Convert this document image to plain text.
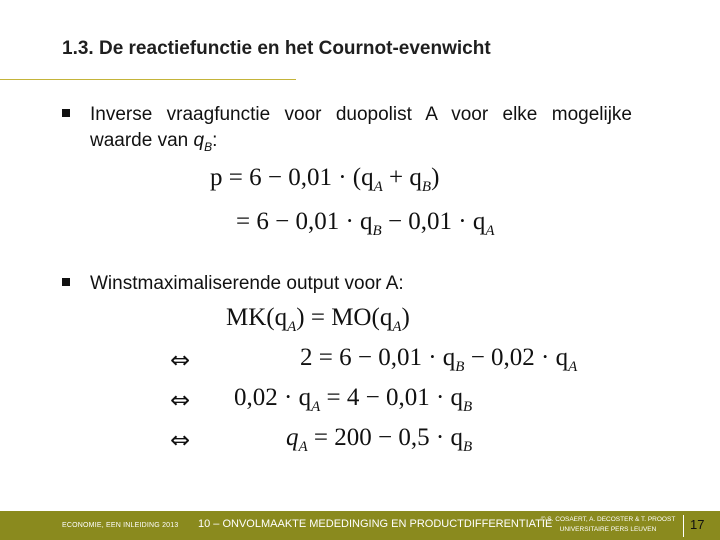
1.3. De reactiefunctie en het Cournot-evenwicht
Inverse vraagfunctie voor duopolist A voor elke mogelijke waarde van $q_B$:
$p = 6 - 0,01 \cdot (q_A + q_B)$
= $6 - 0,01 \cdot q_B - 0,01 \cdot q_A$
Winstmaximaliserende output voor A:
$MK(q_A) = MO(q_A)$
⇔	$2 = 6 - 0,01 \cdot q_B - 0,02 \cdot q_A$
⇔ $0,02 \cdot q_A = 4 - 0,01 \cdot q_B$
⇔	$q_A = 200 - 0,5 \cdot q_B$
ECONOMIE, EEN INLEIDING 2013 10 – ONVOLMAAKTE MEDEDINGING EN PRODUCTDIFFERENTIATIE
© S. COSAERT, A. DECOSTER & T. PROOST
UNIVERSITAIRE PERS LEUVEN	17
